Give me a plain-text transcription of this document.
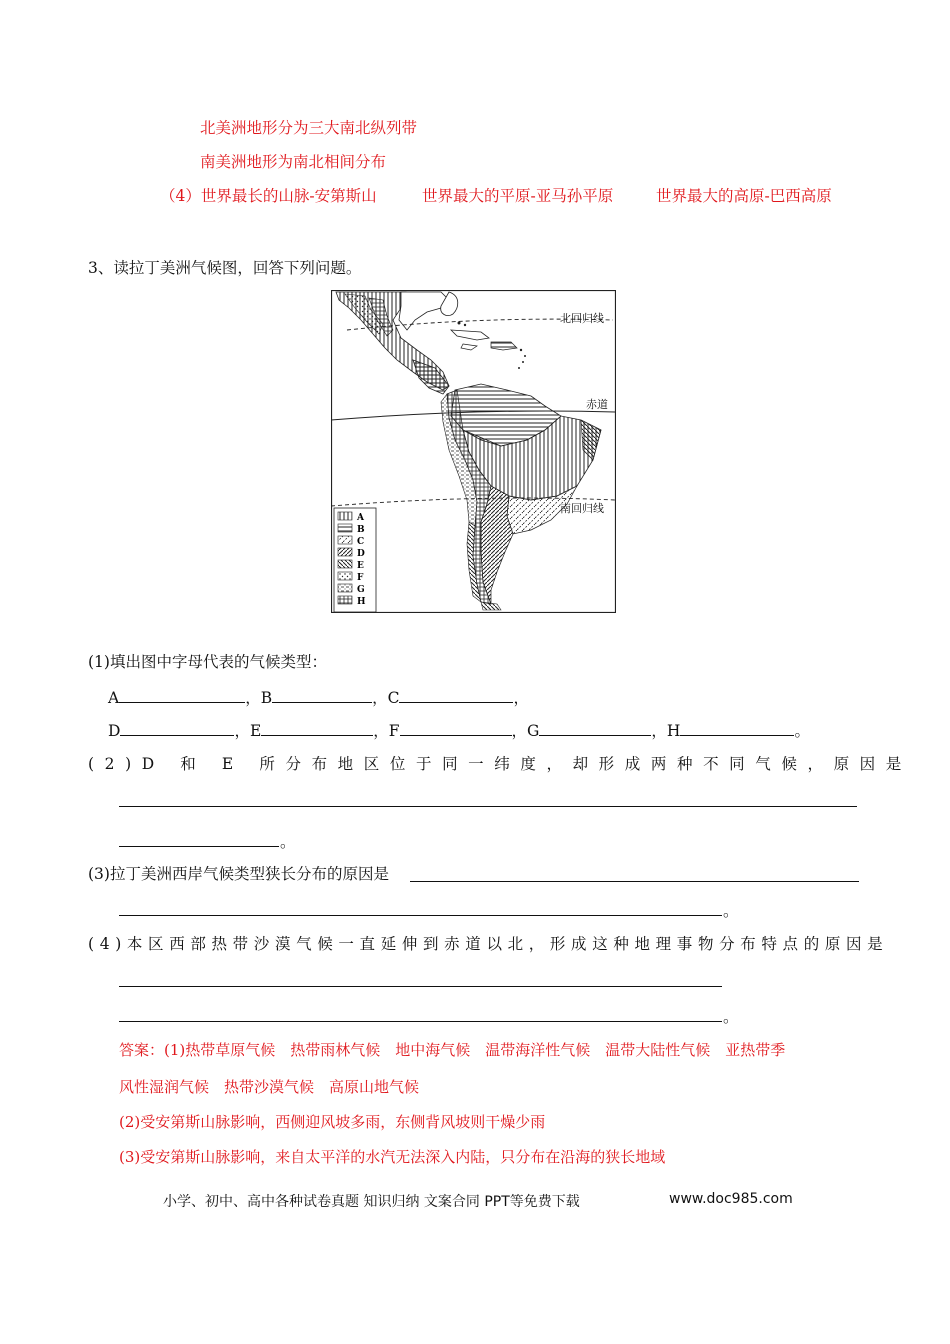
北美洲地形分为三大南北纵列带
南美洲地形为南北相间分布
（4）世界最长的山脉-安第斯山	世界最大的平原-亚马孙平原	世界最大的高原-巴西高原
3、读拉丁美洲气候图，回答下列问题。
北回归线
赤道
南回归线
A
B
C
D
E
F
G
H
(1)填出图中字母代表的气候类型：
A	，B	，C	，
D	，E	，F	，G	，H	。
(2)D 和 E 所分布地区位于同一纬度，却形成两种不同气候，原因是
。
(3)拉丁美洲西岸气候类型狭长分布的原因是
。
(4)本区西部热带沙漠气候一直延伸到赤道以北，形成这种地理事物分布特点的原因是
。
答案：(1)热带草原气候　热带雨林气候　地中海气候　温带海洋性气候　温带大陆性气候　亚热带季
风性湿润气候　热带沙漠气候　高原山地气候
(2)受安第斯山脉影响，西侧迎风坡多雨，东侧背风坡则干燥少雨
(3)受安第斯山脉影响，来自太平洋的水汽无法深入内陆，只分布在沿海的狭长地域
小学、初中、高中各种试卷真题 知识归纳 文案合同 PPT等免费下载	www.doc985.com
